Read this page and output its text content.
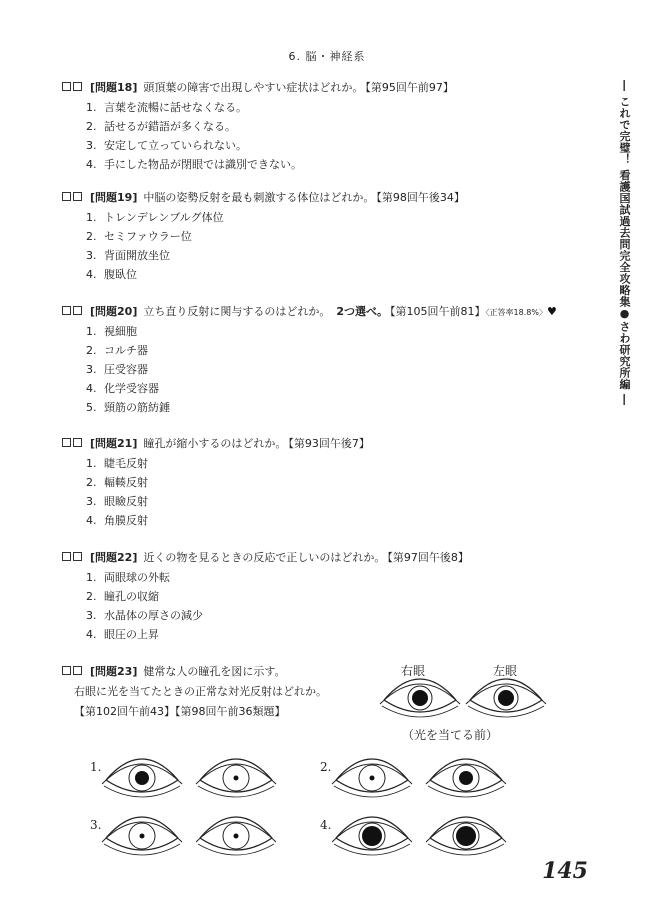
6. 脳・神経系
[問題18] 頭頂葉の障害で出現しやすい症状はどれか。 【第95回午前97】
1. 言葉を流暢に話せなくなる。
2. 話せるが錯語が多くなる。
3. 安定して立っていられない。
4. 手にした物品が閉眼では識別できない。
[問題19] 中脳の姿勢反射を最も刺激する体位はどれか。 【第98回午後34】
1. トレンデレンブルグ体位
2. セミファウラー位
3. 背面開放坐位
4. 腹臥位
[問題20] 立ち直り反射に関与するのはどれか。 2つ選べ。 【第105回午前81】〈正答率18.8%〉♥
1. 視細胞
2. コルチ器
3. 圧受容器
4. 化学受容器
5. 頸筋の筋紡錘
[問題21] 瞳孔が縮小するのはどれか。 【第93回午後7】
1. 睫毛反射
2. 輻輳反射
3. 眼瞼反射
4. 角膜反射
[問題22] 近くの物を見るときの反応で正しいのはどれか。 【第97回午後8】
1. 両眼球の外転
2. 瞳孔の収縮
3. 水晶体の厚さの減少
4. 眼圧の上昇
[問題23] 健常な人の瞳孔を図に示す。
右眼に光を当てたときの正常な対光反射はどれか。
【第102回午前43】【第98回午前36類題】
右眼	左眼
（光を当てる前）
1.	2.
3.	4.
― これで完璧！ 看護国試過去問完全攻略集●さわ研究所編 ―
145
